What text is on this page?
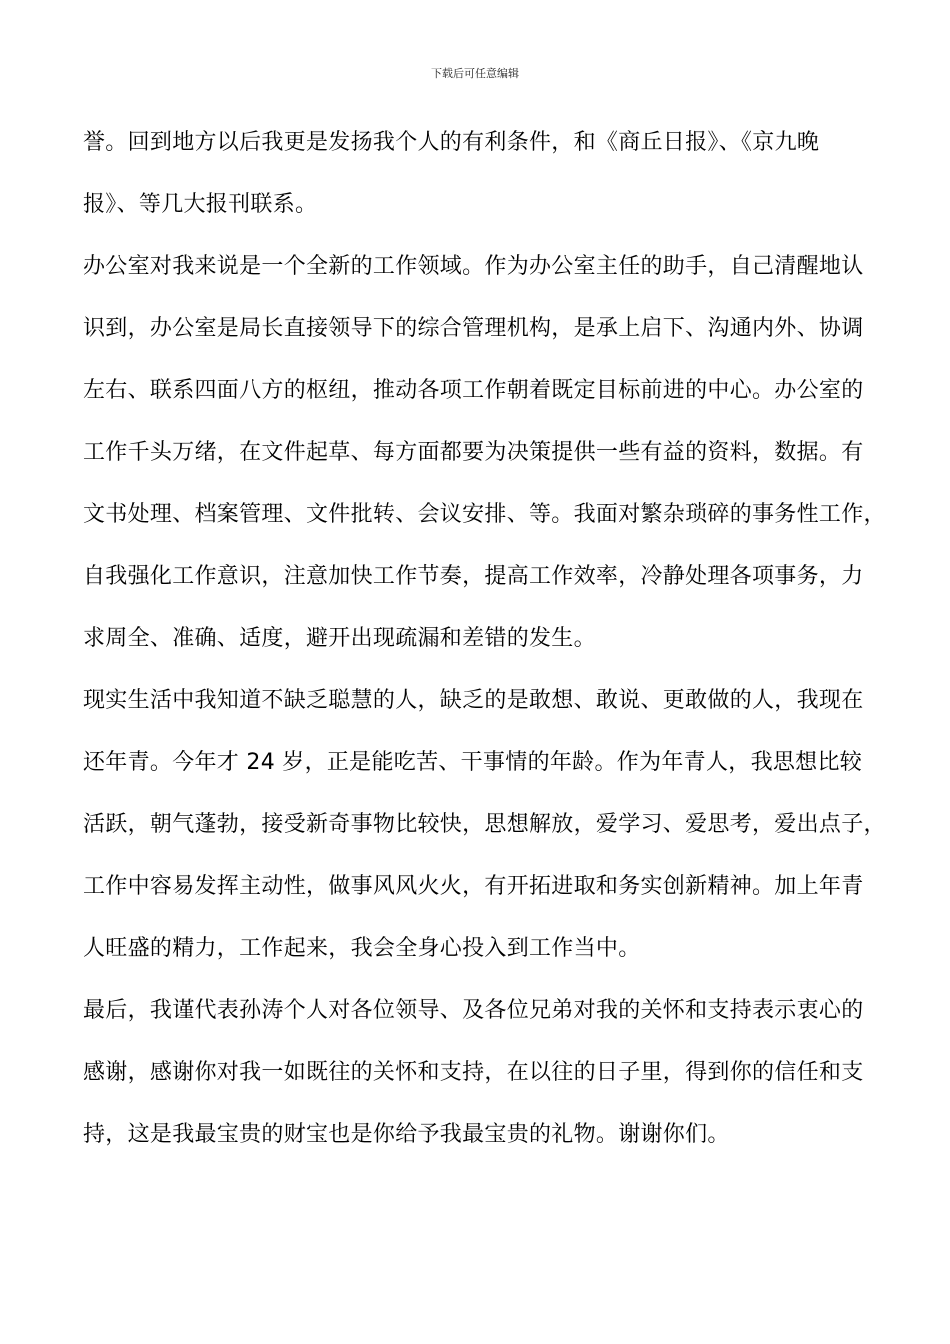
下载后可任意编辑
誉。回到地方以后我更是发扬我个人的有利条件，和《商丘日报》、《京九晚
报》、等几大报刊联系。
办公室对我来说是一个全新的工作领域。作为办公室主任的助手，自己清醒地认
识到，办公室是局长直接领导下的综合管理机构，是承上启下、沟通内外、协调
左右、联系四面八方的枢纽，推动各项工作朝着既定目标前进的中心。办公室的
工作千头万绪，在文件起草、每方面都要为决策提供一些有益的资料，数据。有
文书处理、档案管理、文件批转、会议安排、等。我面对繁杂琐碎的事务性工作，
自我强化工作意识，注意加快工作节奏，提高工作效率，冷静处理各项事务，力
求周全、准确、适度，避开出现疏漏和差错的发生。
现实生活中我知道不缺乏聪慧的人，缺乏的是敢想、敢说、更敢做的人，我现在
还年青。今年才 24 岁，正是能吃苦、干事情的年龄。作为年青人，我思想比较
活跃，朝气蓬勃，接受新奇事物比较快，思想解放，爱学习、爱思考，爱出点子，
工作中容易发挥主动性，做事风风火火，有开拓进取和务实创新精神。加上年青
人旺盛的精力，工作起来，我会全身心投入到工作当中。
最后，我谨代表孙涛个人对各位领导、及各位兄弟对我的关怀和支持表示衷心的
感谢，感谢你对我一如既往的关怀和支持，在以往的日子里，得到你的信任和支
持，这是我最宝贵的财宝也是你给予我最宝贵的礼物。谢谢你们。
